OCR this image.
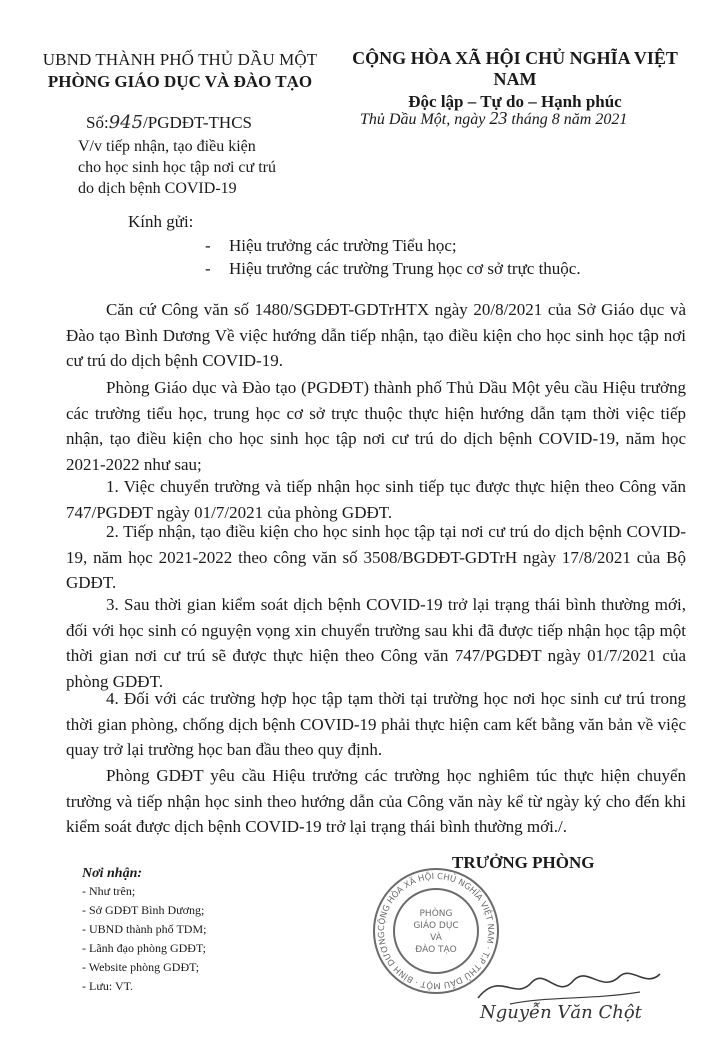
UBND THÀNH PHỐ THỦ DẦU MỘT
PHÒNG GIÁO DỤC VÀ ĐÀO TẠO
CỘNG HÒA XÃ HỘI CHỦ NGHĨA VIỆT NAM
Độc lập – Tự do – Hạnh phúc
Số:945/PGDĐT-THCS
V/v tiếp nhận, tạo điều kiện
cho học sinh học tập nơi cư trú
do dịch bệnh COVID-19
Thủ Dầu Một, ngày 23 tháng 8 năm 2021
Kính gửi:
- Hiệu trưởng các trường Tiểu học;
- Hiệu trưởng các trường Trung học cơ sở trực thuộc.

Căn cứ Công văn số 1480/SGDĐT-GDTrHTX ngày 20/8/2021 của Sở Giáo dục và Đào tạo Bình Dương Về việc hướng dẫn tiếp nhận, tạo điều kiện cho học sinh học tập nơi cư trú do dịch bệnh COVID-19.

Phòng Giáo dục và Đào tạo (PGDĐT) thành phố Thủ Dầu Một yêu cầu Hiệu trưởng các trường tiểu học, trung học cơ sở trực thuộc thực hiện hướng dẫn tạm thời việc tiếp nhận, tạo điều kiện cho học sinh học tập nơi cư trú do dịch bệnh COVID-19, năm học 2021-2022 như sau;

1. Việc chuyển trường và tiếp nhận học sinh tiếp tục được thực hiện theo Công văn 747/PGDĐT ngày 01/7/2021 của phòng GDĐT.

2. Tiếp nhận, tạo điều kiện cho học sinh học tập tại nơi cư trú do dịch bệnh COVID-19, năm học 2021-2022 theo công văn số 3508/BGDĐT-GDTrH ngày 17/8/2021 của Bộ GDĐT.

3. Sau thời gian kiểm soát dịch bệnh COVID-19 trở lại trạng thái bình thường mới, đối với học sinh có nguyện vọng xin chuyển trường sau khi đã được tiếp nhận học tập một thời gian nơi cư trú sẽ được thực hiện theo Công văn 747/PGDĐT ngày 01/7/2021 của phòng GDĐT.

4. Đối với các trường hợp học tập tạm thời tại trường học nơi học sinh cư trú trong thời gian phòng, chống dịch bệnh COVID-19 phải thực hiện cam kết bằng văn bản về việc quay trở lại trường học ban đầu theo quy định.

Phòng GDĐT yêu cầu Hiệu trưởng các trường học nghiêm túc thực hiện chuyển trường và tiếp nhận học sinh theo hướng dẫn của Công văn này kể từ ngày ký cho đến khi kiểm soát được dịch bệnh COVID-19 trở lại trạng thái bình thường mới./.

Nơi nhận:
- Như trên;
- Sở GDĐT Bình Dương;
- UBND thành phố TDM;
- Lãnh đạo phòng GDĐT;
- Website phòng GDĐT;
- Lưu: VT.
CỘNG HÒA XÃ HỘI CHỦ NGHĨA VIỆT NAM · T.P THỦ DẦU MỘT · BÌNH DƯƠNG
PHÒNG
GIÁO DỤC
VÀ
ĐÀO TẠO
TRƯỞNG PHÒNG
Nguyễn Văn Chột
